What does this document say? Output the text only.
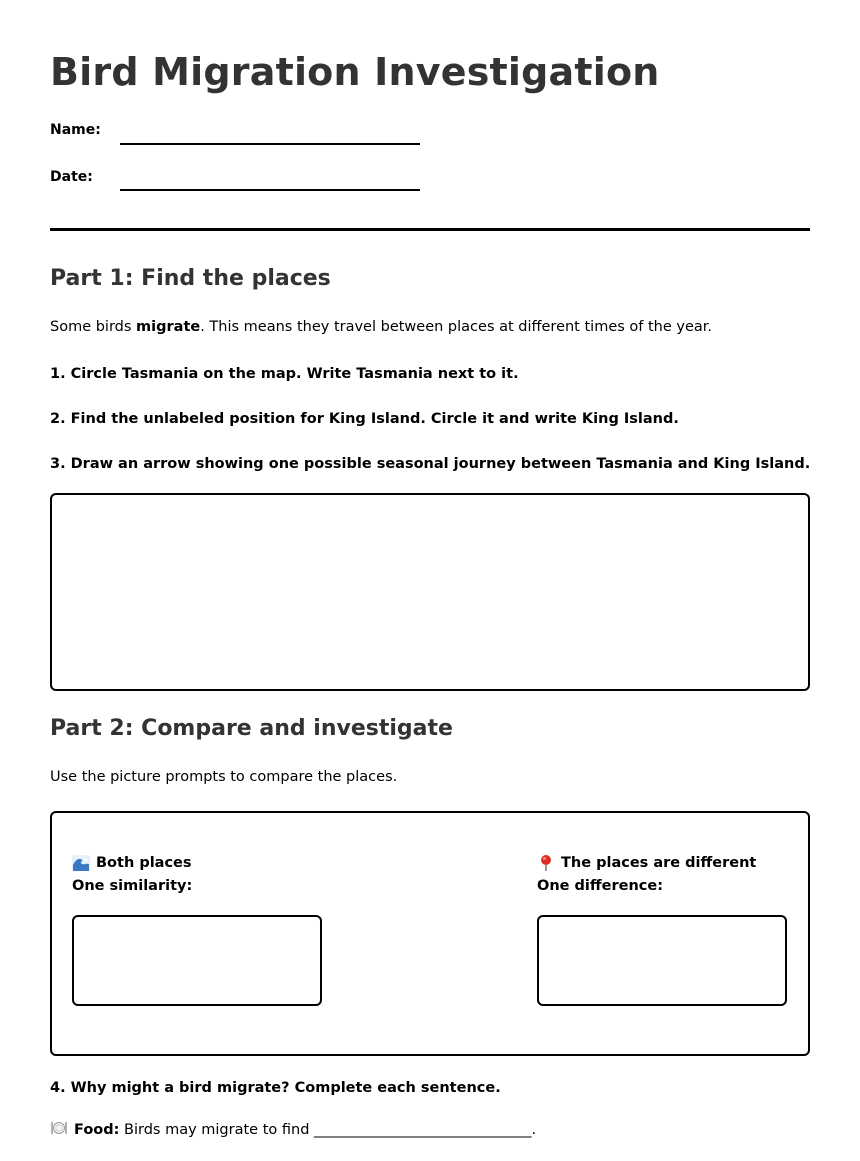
Bird Migration Investigation
Name:
Date:
Part 1: Find the places
Some birds migrate. This means they travel between places at different times of the year.
1. Circle Tasmania on the map. Write Tasmania next to it.
2. Find the unlabeled position for King Island. Circle it and write King Island.
3. Draw an arrow showing one possible seasonal journey between Tasmania and King Island.
Part 2: Compare and investigate
Use the picture prompts to compare the places.
Both places
One similarity:
The places are different
One difference:
4. Why might a bird migrate? Complete each sentence.
Food: Birds may migrate to find ______________________________.
